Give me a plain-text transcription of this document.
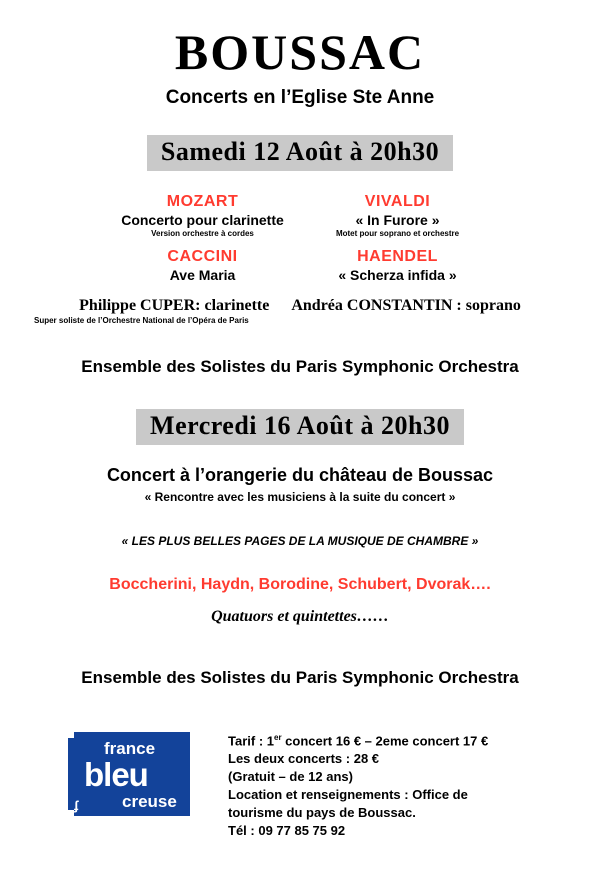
BOUSSAC
Concerts en l’Eglise Ste Anne
Samedi 12 Août à 20h30
MOZART
Concerto pour clarinette
Version orchestre à cordes
VIVALDI
« In Furore »
Motet pour soprano et orchestre
CACCINI
Ave Maria
HAENDEL
« Scherza infida »
Philippe CUPER: clarinette Andréa CONSTANTIN : soprano
Super soliste de l’Orchestre National de l’Opéra de Paris
Ensemble des Solistes du Paris Symphonic Orchestra
Mercredi 16 Août à 20h30
Concert à l’orangerie du château de Boussac
« Rencontre avec les musiciens à la suite du concert »
« LES PLUS BELLES PAGES DE LA MUSIQUE DE CHAMBRE »
Boccherini, Haydn, Borodine, Schubert, Dvorak….
Quatuors et quintettes……
Ensemble des Solistes du Paris Symphonic Orchestra
france
bleu
creuse
ʄ
Tarif : 1er concert 16 € – 2eme concert 17 €
Les deux concerts : 28 €
(Gratuit – de 12 ans)
Location et renseignements : Office de
tourisme du pays de Boussac.
Tél : 09 77 85 75 92
